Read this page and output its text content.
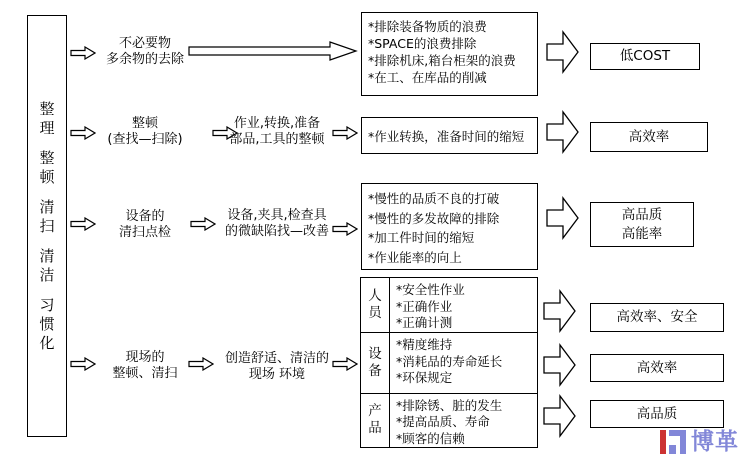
整理
整顿
清扫
清洁
习惯化
不必要物
多余物的去除
整顿
(查找—扫除)
设备的
清扫点检
现场的
整顿、清扫
作业,转换,准备
部品,工具的整顿
设备,夹具,检查具
的微缺陷找—改善
创造舒适、清洁的
现场 环境
*排除装备物质的浪费
*SPACE的浪费排除
*排除机床,箱台柜架的浪费
*在工、在库品的削减
*作业转换，准备时间的缩短
*慢性的品质不良的打破
*慢性的多发故障的排除
*加工件时间的缩短
*作业能率的向上
人员
*安全性作业
*正确作业
*正确计测
设备
*精度维持
*消耗品的寿命延长
*环保规定
产品
*排除锈、脏的发生
*提高品质、寿命
*顾客的信赖
低COST
高效率
高品质
高能率
高效率、安全
高效率
高品质
博革
